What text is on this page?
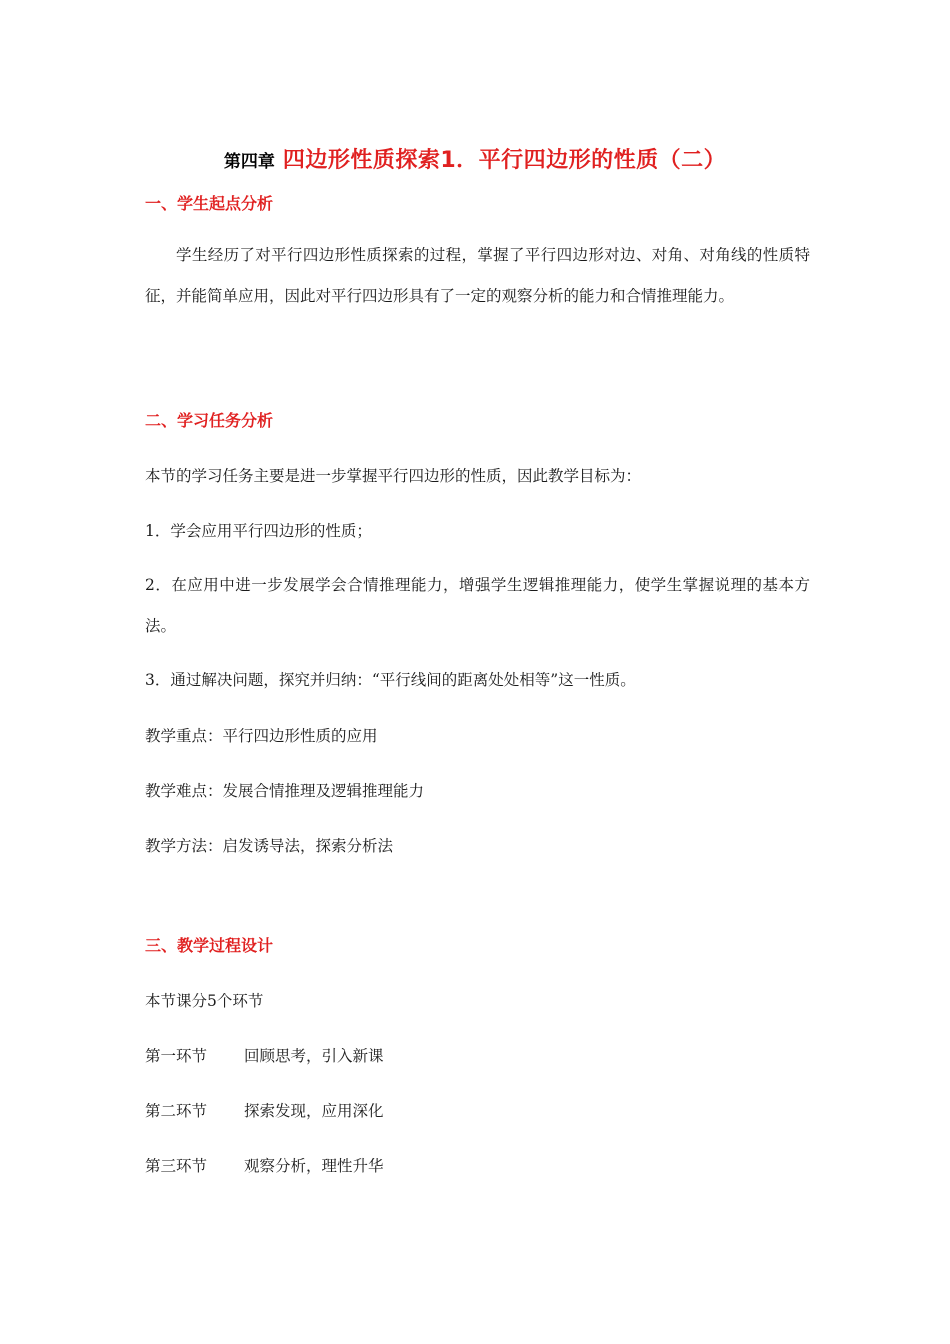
第四章 四边形性质探索1．平行四边形的性质（二）
一、学生起点分析
学生经历了对平行四边形性质探索的过程，掌握了平行四边形对边、对角、对角线的性质特征，并能简单应用，因此对平行四边形具有了一定的观察分析的能力和合情推理能力。
二、学习任务分析
本节的学习任务主要是进一步掌握平行四边形的性质，因此教学目标为：
1．学会应用平行四边形的性质；
2．在应用中进一步发展学会合情推理能力，增强学生逻辑推理能力，使学生掌握说理的基本方法。
3．通过解决问题，探究并归纳：“平行线间的距离处处相等”这一性质。
教学重点：平行四边形性质的应用
教学难点：发展合情推理及逻辑推理能力
教学方法：启发诱导法，探索分析法
三、教学过程设计
本节课分5个环节
第一环节 回顾思考，引入新课
第二环节 探索发现，应用深化
第三环节 观察分析，理性升华
